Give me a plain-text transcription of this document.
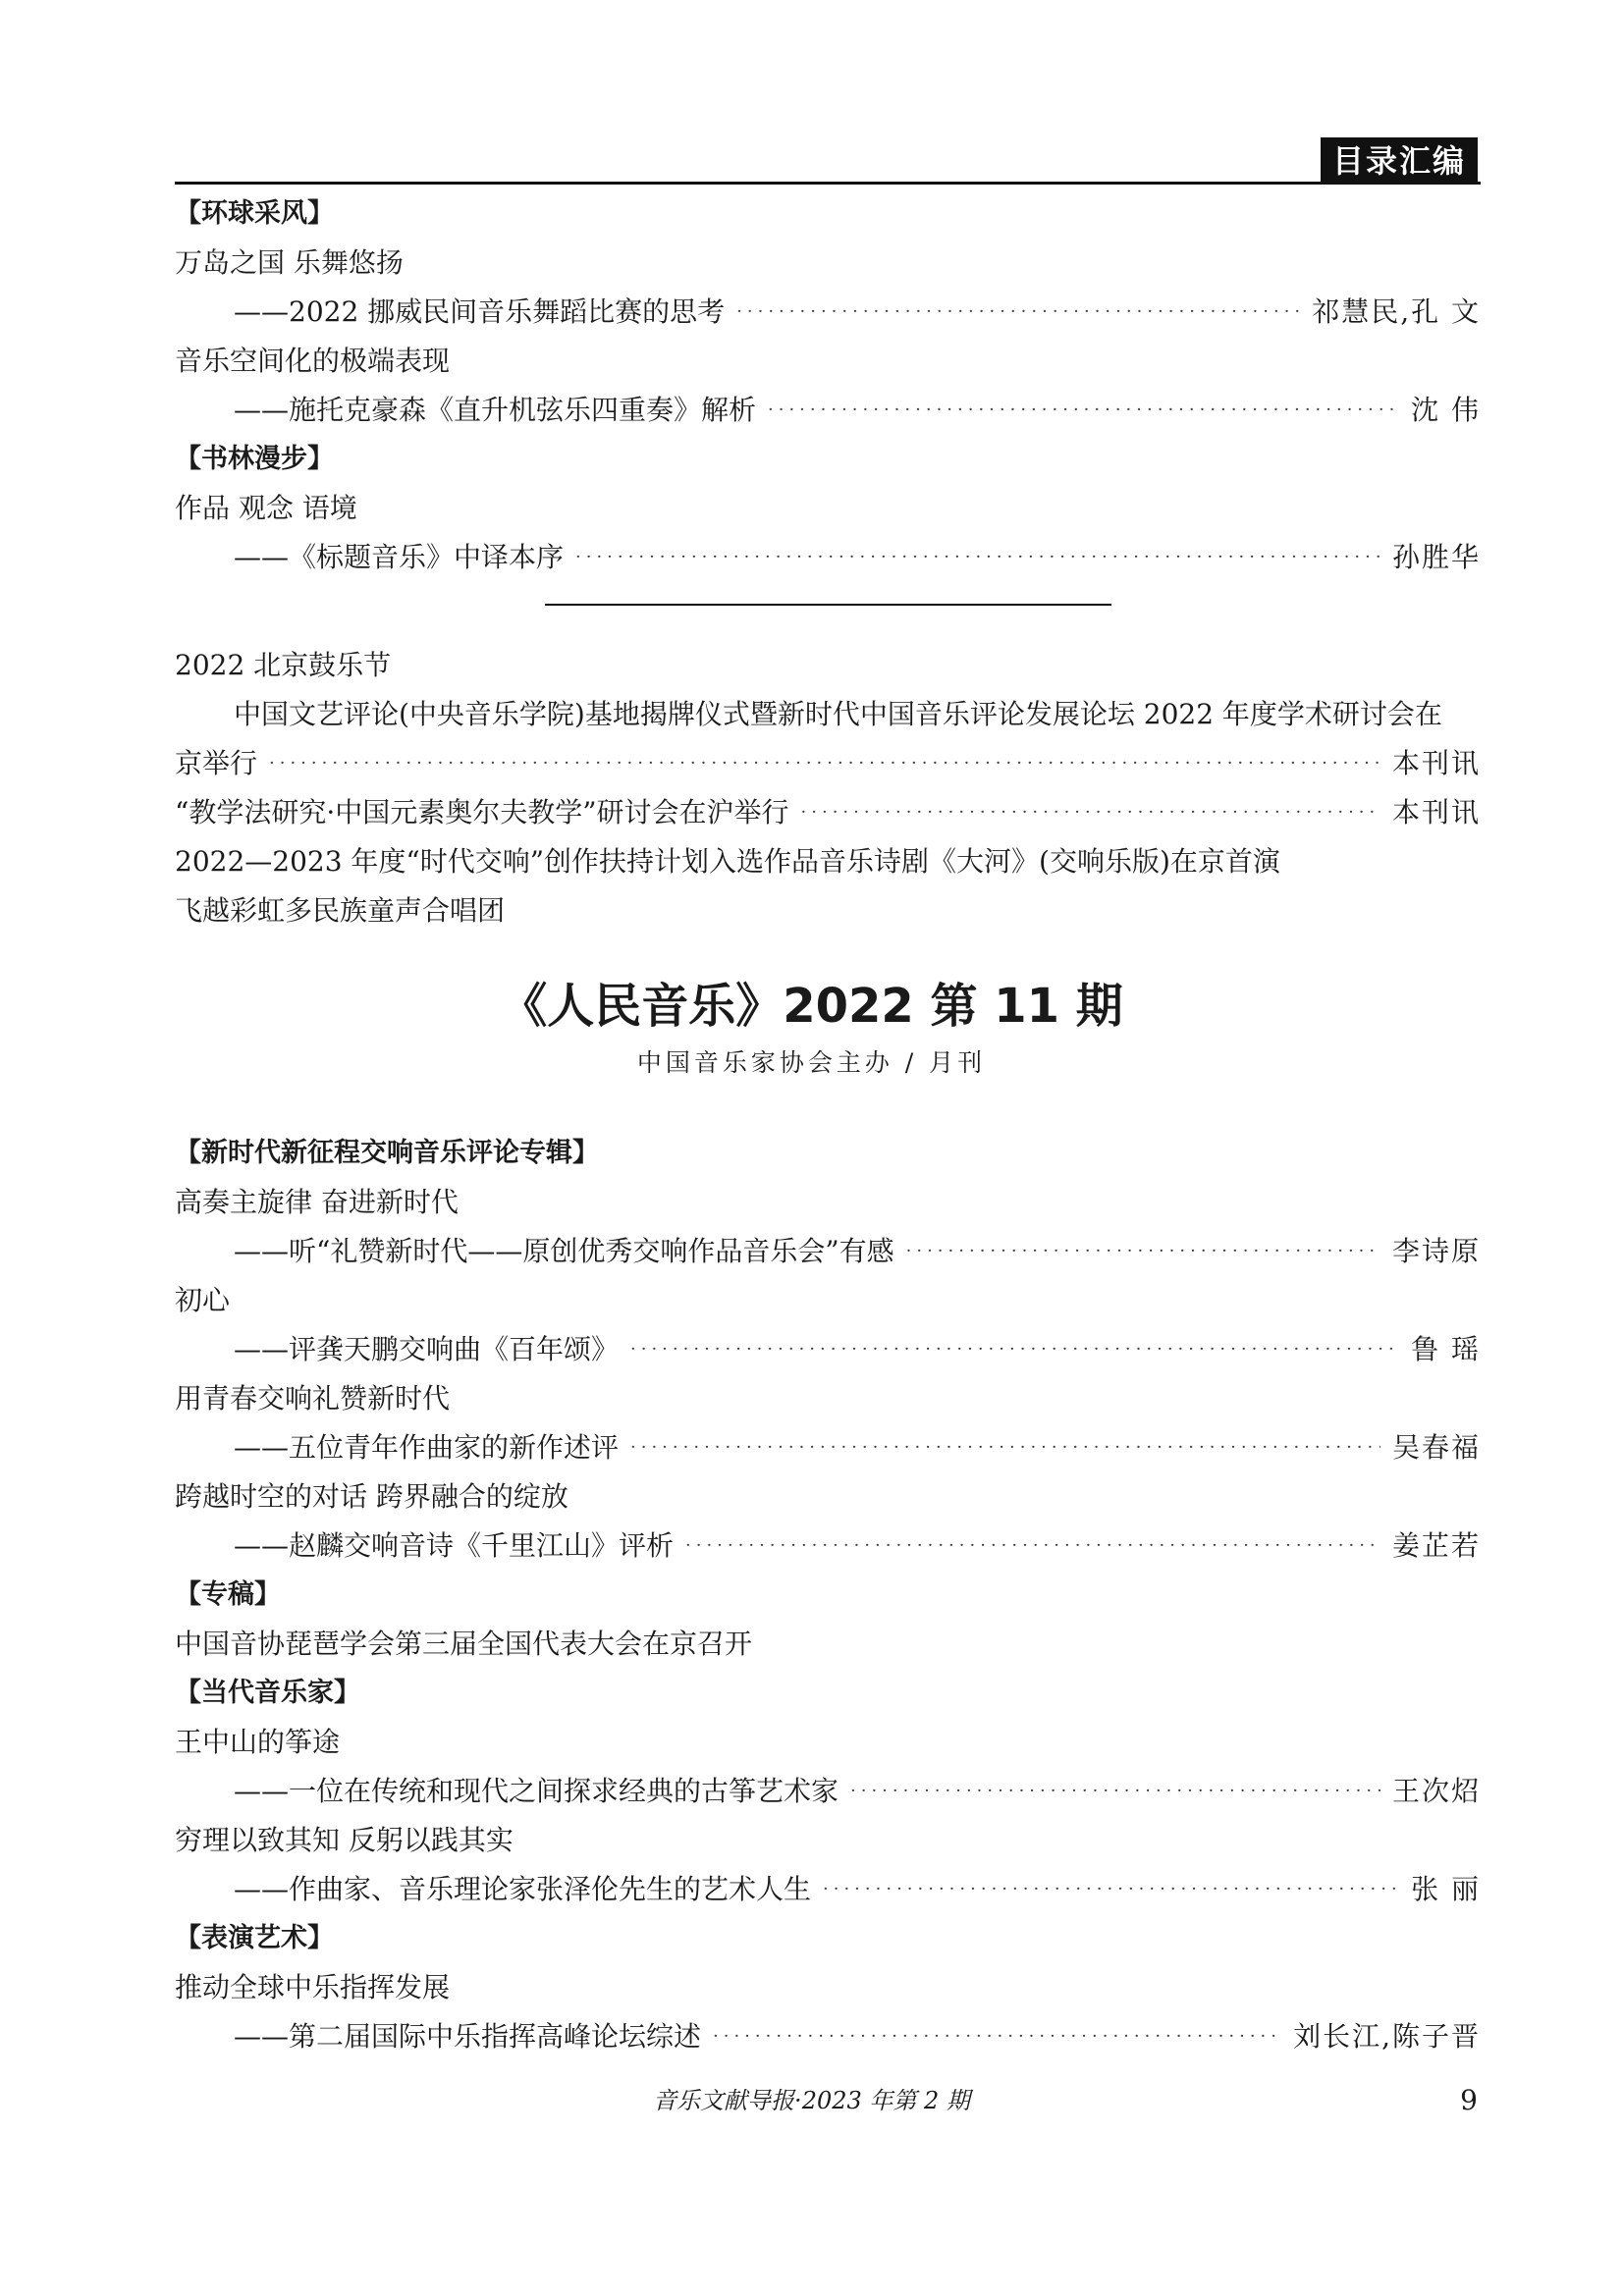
目录汇编
【环球采风】
万岛之国 乐舞悠扬
——2022 挪威民间音乐舞蹈比赛的思考 ·····	祁慧民,孔 文
音乐空间化的极端表现
——施托克豪森《直升机弦乐四重奏》解析 ·····	沈 伟
【书林漫步】
作品 观念 语境
——《标题音乐》中译本序 ·····	孙胜华
2022 北京鼓乐节
中国文艺评论(中央音乐学院)基地揭牌仪式暨新时代中国音乐评论发展论坛 2022 年度学术研讨会在
京举行 ·····	本刊讯
“教学法研究·中国元素奥尔夫教学”研讨会在沪举行 ·····	本刊讯
2022—2023 年度“时代交响”创作扶持计划入选作品音乐诗剧《大河》(交响乐版)在京首演
飞越彩虹多民族童声合唱团
《人民音乐》2022 第 11 期
中国音乐家协会主办 / 月刊
【新时代新征程交响音乐评论专辑】
高奏主旋律 奋进新时代
——听“礼赞新时代——原创优秀交响作品音乐会”有感 ·····	李诗原
初心
——评龚天鹏交响曲《百年颂》 ·····	鲁 瑶
用青春交响礼赞新时代
——五位青年作曲家的新作述评 ·····	吴春福
跨越时空的对话 跨界融合的绽放
——赵麟交响音诗《千里江山》评析 ·····	姜芷若
【专稿】
中国音协琵琶学会第三届全国代表大会在京召开
【当代音乐家】
王中山的筝途
——一位在传统和现代之间探求经典的古筝艺术家 ·····	王次炤
穷理以致其知 反躬以践其实
——作曲家、音乐理论家张泽伦先生的艺术人生 ·····	张 丽
【表演艺术】
推动全球中乐指挥发展
——第二届国际中乐指挥高峰论坛综述 ·····	刘长江,陈子晋
音乐文献导报·2023 年第 2 期	9
